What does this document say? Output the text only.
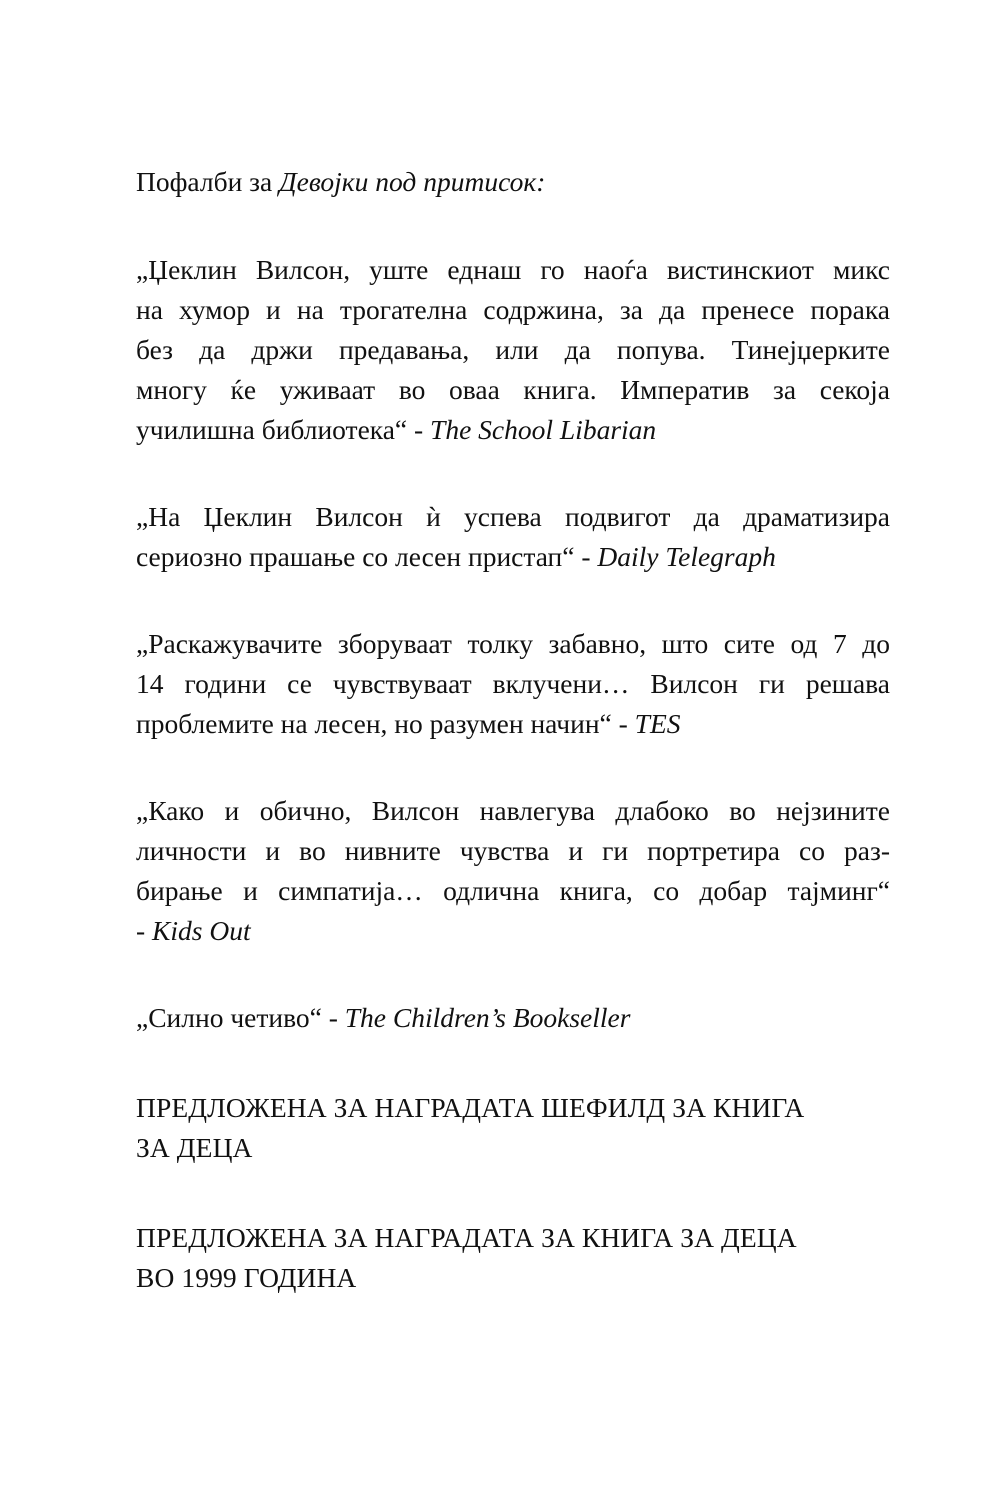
Пофалби за Девојки под притисок:

„Џеклин Вилсон, уште еднаш го наоѓа вистинскиот микс
на хумор и на трогателна содржина, за да пренесе порака
без да држи предавања, или да попува. Тинејџерките
многу ќе уживаат во оваа книга. Императив за секоја
училишна библиотека“ - The School Libarian

„На Џеклин Вилсон ѝ успева подвигот да драматизира
сериозно прашање со лесен пристап“ - Daily Telegraph

„Раскажувачите зборуваат толку забавно, што сите од 7 до
14 години се чувствуваат вклучени… Вилсон ги решава
проблемите на лесен, но разумен начин“ - TES

„Како и обично, Вилсон навлегува длабоко во нејзините
личности и во нивните чувства и ги портретира со раз-
бирање и симпатија… одлична книга, со добар тајминг“
- Kids Out

„Силно четиво“ - The Children’s Bookseller

ПРЕДЛОЖЕНА ЗА НАГРАДАТА ШЕФИЛД ЗА КНИГА
ЗА ДЕЦА

ПРЕДЛОЖЕНА ЗА НАГРАДАТА ЗА КНИГА ЗА ДЕЦА
ВО 1999 ГОДИНА
